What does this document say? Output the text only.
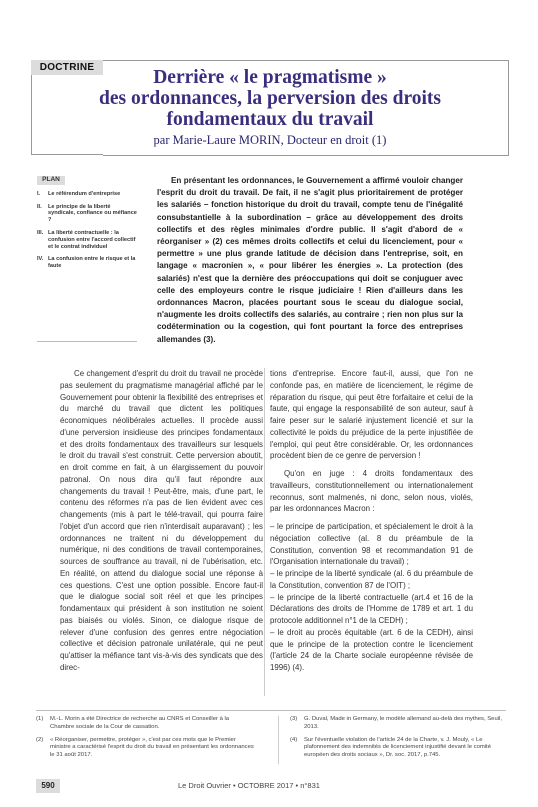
DOCTRINE	Derrière « le pragmatisme »
des ordonnances, la perversion des droits
fondamentaux du travail
par Marie-Laure MORIN, Docteur en droit (1)
PLAN
I.	Le référendum d'entreprise
II.	Le principe de la liberté syndicale, confiance ou méfiance ?
III. La liberté contractuelle : la confusion entre l'accord collectif et le contrat individuel
IV. La confusion entre le risque et la faute
En présentant les ordonnances, le Gouvernement a affirmé vouloir changer l'esprit du droit du travail. De fait, il ne s'agit plus prioritairement de protéger les salariés – fonction historique du droit du travail, compte tenu de l'inégalité consubstantielle à la subordination – grâce au développement des droits collectifs et des règles minimales d'ordre public. Il s'agit d'abord de « réorganiser » (2) ces mêmes droits collectifs et celui du licenciement, pour « permettre » une plus grande latitude de décision dans l'entreprise, soit, en langage « macronien », « pour libérer les énergies ». La protection (des salariés) n'est que la dernière des préoccupations qui doit se conjuguer avec celle des employeurs contre le risque judiciaire ! Rien d'ailleurs dans les ordonnances Macron, placées pourtant sous le sceau du dialogue social, n'augmente les droits collectifs des salariés, au contraire ; rien non plus sur la codétermination ou la cogestion, qui font pourtant la force des entreprises allemandes (3).

Ce changement d'esprit du droit du travail ne procède pas seulement du pragmatisme managérial affiché par le Gouvernement pour obtenir la flexibilité des entreprises et du marché du travail que dictent les politiques économiques néolibérales actuelles. Il procède aussi d'une perversion insidieuse des principes fondamentaux et des droits fondamentaux des travailleurs sur lesquels le droit du travail s'est construit. Cette perversion aboutit, en droit comme en fait, à un élargissement du pouvoir patronal. On nous dira qu'il faut répondre aux changements du travail ! Peut-être, mais, d'une part, le contenu des réformes n'a pas de lien évident avec ces changements (mis à part le télé-travail, qui pourra faire l'objet d'un accord que rien n'interdisait auparavant) ; les ordonnances ne traitent ni du développement du numérique, ni des conditions de travail contemporaines, sources de souffrance au travail, ni de l'ubérisation, etc. En réalité, on attend du dialogue social une réponse à ces questions. C'est une option possible. Encore faut-il que le dialogue social soit réel et que les principes fondamentaux qui président à son institution ne soient pas biaisés ou violés. Sinon, ce dialogue risque de relever d'une confusion des genres entre négociation collective et décision patronale unilatérale, qui ne peut qu'attiser la méfiance tant vis-à-vis des syndicats que des direc-

tions d'entreprise. Encore faut-il, aussi, que l'on ne confonde pas, en matière de licenciement, le régime de réparation du risque, qui peut être forfaitaire et celui de la faute, qui engage la responsabilité de son auteur, sauf à faire peser sur le salarié injustement licencié et sur la collectivité le poids du préjudice de la perte injustifiée de l'emploi, qui peut être considérable. Or, les ordonnances procèdent bien de ce genre de perversion !

Qu'on en juge : 4 droits fondamentaux des travailleurs, constitutionnellement ou internationalement reconnus, sont malmenés, ni donc, selon nous, violés, par les ordonnances Macron :

– le principe de participation, et spécialement le droit à la négociation collective (al. 8 du préambule de la Constitution, convention 98 et recommandation 91 de l'Organisation internationale du travail) ;

– le principe de la liberté syndicale (al. 6 du préambule de la Constitution, convention 87 de l'OIT) ;

– le principe de la liberté contractuelle (art.4 et 16 de la Déclarations des droits de l'Homme de 1789 et art. 1 du protocole additionnel n°1 de la CEDH) ;

– le droit au procès équitable (art. 6 de la CEDH), ainsi que le principe de la protection contre le licenciement (l'article 24 de la Charte sociale européenne révisée de 1996) (4).

(1)	M.-L. Morin a été Directrice de recherche au CNRS et Conseiller à la Chambre sociale de la Cour de cassation.
(2)	« Réorganiser, permettre, protéger », c'est par ces mots que le Premier ministre a caractérisé l'esprit du droit du travail en présentant les ordonnances le 31 août 2017.
(3)	G. Duval, Made in Germany, le modèle allemand au-delà des mythes, Seuil, 2013.
(4)	Sur l'éventuelle violation de l'article 24 de la Charte, v. J. Mouly, « Le plafonnement des indemnités de licenciement injustifié devant le comité européen des droits sociaux », Dr. soc. 2017, p.745.
590	Le Droit Ouvrier • OCTOBRE 2017 • n°831
